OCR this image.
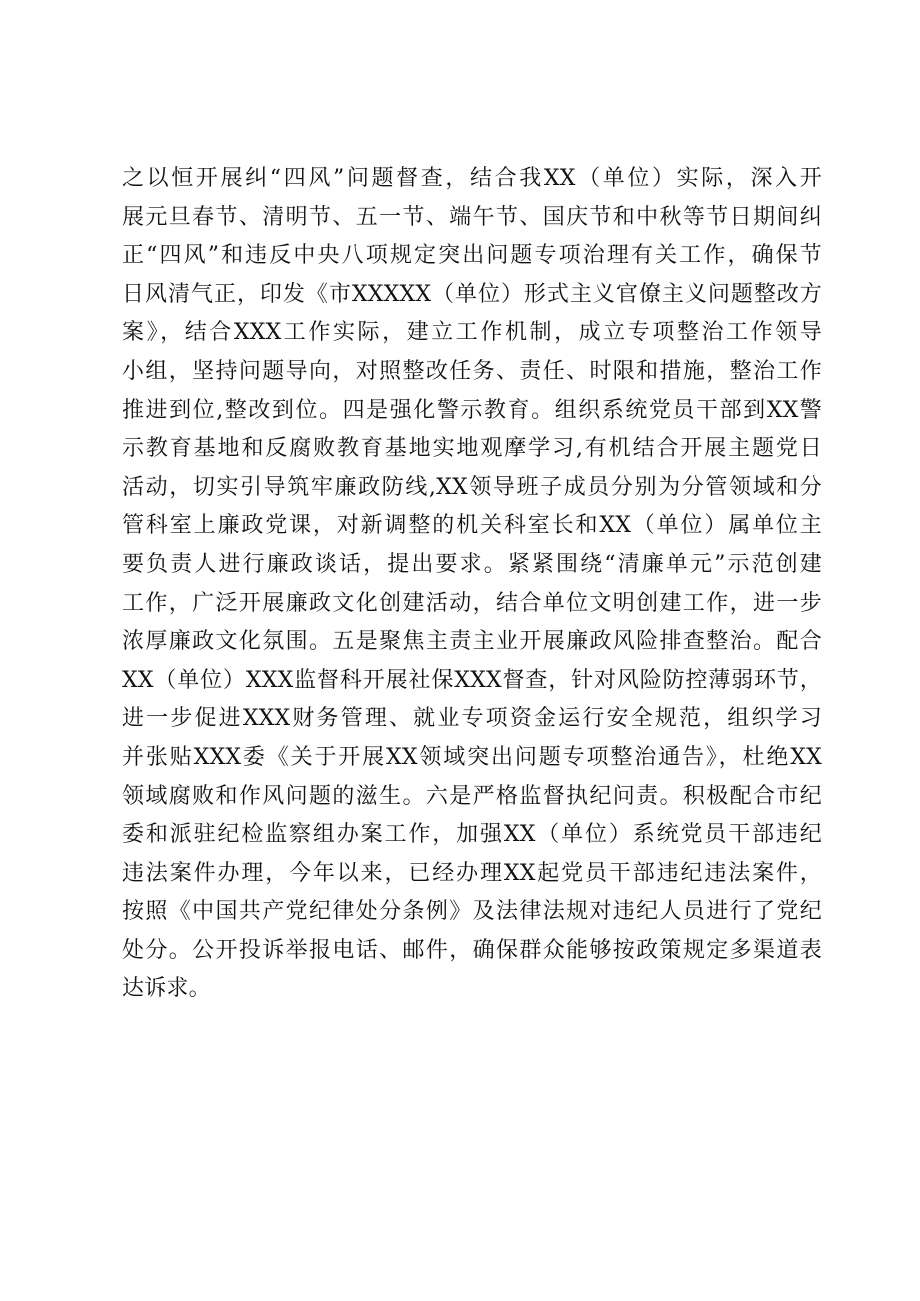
之以恒开展纠“四风”问题督查，结合我XX（单位）实际，深入开
展元旦春节、清明节、五一节、端午节、国庆节和中秋等节日期间纠
正“四风”和违反中央八项规定突出问题专项治理有关工作，确保节
日风清气正，印发《市XXXXX（单位）形式主义官僚主义问题整改方
案》，结合XXX工作实际，建立工作机制，成立专项整治工作领导
小组，坚持问题导向，对照整改任务、责任、时限和措施，整治工作
推进到位,整改到位。四是强化警示教育。组织系统党员干部到XX警
示教育基地和反腐败教育基地实地观摩学习,有机结合开展主题党日
活动，切实引导筑牢廉政防线,XX领导班子成员分别为分管领域和分
管科室上廉政党课，对新调整的机关科室长和XX（单位）属单位主
要负责人进行廉政谈话，提出要求。紧紧围绕“清廉单元”示范创建
工作，广泛开展廉政文化创建活动，结合单位文明创建工作，进一步
浓厚廉政文化氛围。五是聚焦主责主业开展廉政风险排查整治。配合
XX（单位）XXX监督科开展社保XXX督查，针对风险防控薄弱环节，
进一步促进XXX财务管理、就业专项资金运行安全规范，组织学习
并张贴XXX委《关于开展XX领域突出问题专项整治通告》，杜绝XX
领域腐败和作风问题的滋生。六是严格监督执纪问责。积极配合市纪
委和派驻纪检监察组办案工作，加强XX（单位）系统党员干部违纪
违法案件办理，今年以来，已经办理XX起党员干部违纪违法案件，
按照《中国共产党纪律处分条例》及法律法规对违纪人员进行了党纪
处分。公开投诉举报电话、邮件，确保群众能够按政策规定多渠道表
达诉求。
